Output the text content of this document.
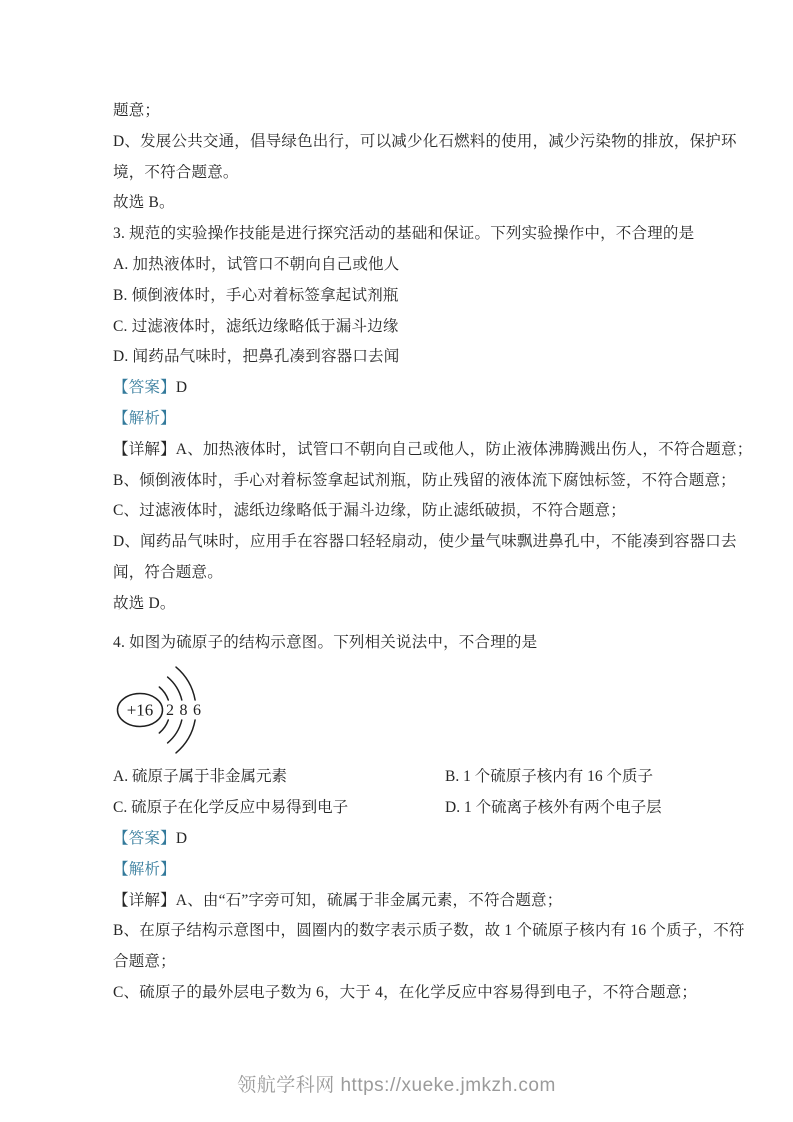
题意；
D、发展公共交通，倡导绿色出行，可以减少化石燃料的使用，减少污染物的排放，保护环
境，不符合题意。
故选 B。
3. 规范的实验操作技能是进行探究活动的基础和保证。下列实验操作中，不合理的是
A. 加热液体时，试管口不朝向自己或他人
B. 倾倒液体时，手心对着标签拿起试剂瓶
C. 过滤液体时，滤纸边缘略低于漏斗边缘
D. 闻药品气味时，把鼻孔凑到容器口去闻
【答案】D
【解析】
【详解】A、加热液体时，试管口不朝向自己或他人，防止液体沸腾溅出伤人，不符合题意；
B、倾倒液体时，手心对着标签拿起试剂瓶，防止残留的液体流下腐蚀标签，不符合题意；
C、过滤液体时，滤纸边缘略低于漏斗边缘，防止滤纸破损，不符合题意；
D、闻药品气味时，应用手在容器口轻轻扇动，使少量气味飘进鼻孔中，不能凑到容器口去
闻，符合题意。
故选 D。
4. 如图为硫原子的结构示意图。下列相关说法中，不合理的是
+16 2 8 6
A. 硫原子属于非金属元素	B. 1 个硫原子核内有 16 个质子
C. 硫原子在化学反应中易得到电子	D. 1 个硫离子核外有两个电子层
【答案】D
【解析】
【详解】A、由“石”字旁可知，硫属于非金属元素，不符合题意；
B、在原子结构示意图中，圆圈内的数字表示质子数，故 1 个硫原子核内有 16 个质子，不符
合题意；
C、硫原子的最外层电子数为 6，大于 4，在化学反应中容易得到电子，不符合题意；
领航学科网 https://xueke.jmkzh.com
